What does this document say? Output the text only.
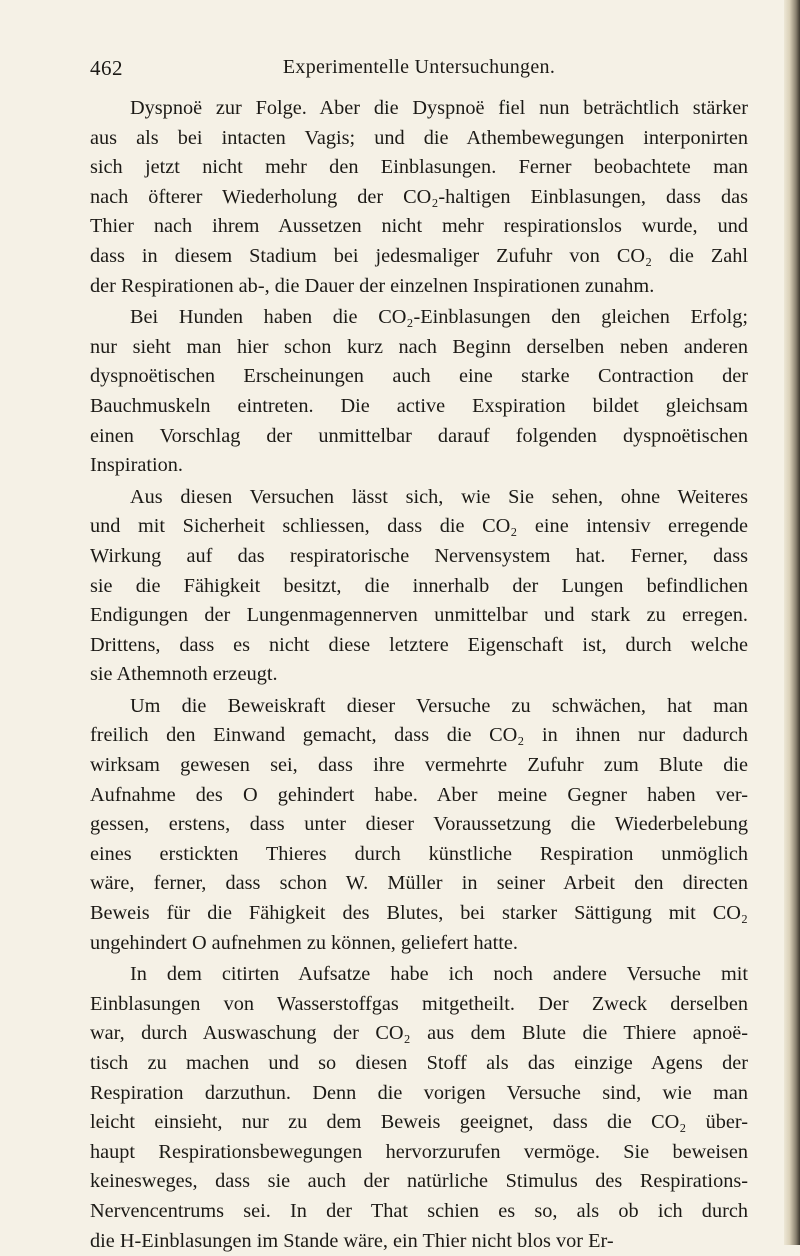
462	Experimentelle Untersuchungen.
Dyspnoë zur Folge. Aber die Dyspnoë fiel nun beträchtlich stärker
aus als bei intacten Vagis; und die Athembewegungen interponirten
sich jetzt nicht mehr den Einblasungen. Ferner beobachtete man
nach öfterer Wiederholung der CO₂-haltigen Einblasungen, dass das
Thier nach ihrem Aussetzen nicht mehr respirationslos wurde, und
dass in diesem Stadium bei jedesmaliger Zufuhr von CO₂ die Zahl
der Respirationen ab-, die Dauer der einzelnen Inspirationen zunahm.
Bei Hunden haben die CO₂-Einblasungen den gleichen Erfolg;
nur sieht man hier schon kurz nach Beginn derselben neben anderen
dyspnoëtischen Erscheinungen auch eine starke Contraction der
Bauchmuskeln eintreten. Die active Exspiration bildet gleichsam
einen Vorschlag der unmittelbar darauf folgenden dyspnoëtischen
Inspiration.
Aus diesen Versuchen lässt sich, wie Sie sehen, ohne Weiteres
und mit Sicherheit schliessen, dass die CO₂ eine intensiv erregende
Wirkung auf das respiratorische Nervensystem hat. Ferner, dass
sie die Fähigkeit besitzt, die innerhalb der Lungen befindlichen
Endigungen der Lungenmagennerven unmittelbar und stark zu erregen.
Drittens, dass es nicht diese letztere Eigenschaft ist, durch welche
sie Athemnoth erzeugt.
Um die Beweiskraft dieser Versuche zu schwächen, hat man
freilich den Einwand gemacht, dass die CO₂ in ihnen nur dadurch
wirksam gewesen sei, dass ihre vermehrte Zufuhr zum Blute die
Aufnahme des O gehindert habe. Aber meine Gegner haben ver-
gessen, erstens, dass unter dieser Voraussetzung die Wiederbelebung
eines erstickten Thieres durch künstliche Respiration unmöglich
wäre, ferner, dass schon W. Müller in seiner Arbeit den directen
Beweis für die Fähigkeit des Blutes, bei starker Sättigung mit CO₂
ungehindert O aufnehmen zu können, geliefert hatte.
In dem citirten Aufsatze habe ich noch andere Versuche mit
Einblasungen von Wasserstoffgas mitgetheilt. Der Zweck derselben
war, durch Auswaschung der CO₂ aus dem Blute die Thiere apnoë-
tisch zu machen und so diesen Stoff als das einzige Agens der
Respiration darzuthun. Denn die vorigen Versuche sind, wie man
leicht einsieht, nur zu dem Beweis geeignet, dass die CO₂ über-
haupt Respirationsbewegungen hervorzurufen vermöge. Sie beweisen
keinesweges, dass sie auch der natürliche Stimulus des Respirations-
Nervencentrums sei. In der That schien es so, als ob ich durch
die H-Einblasungen im Stande wäre, ein Thier nicht blos vor Er-
